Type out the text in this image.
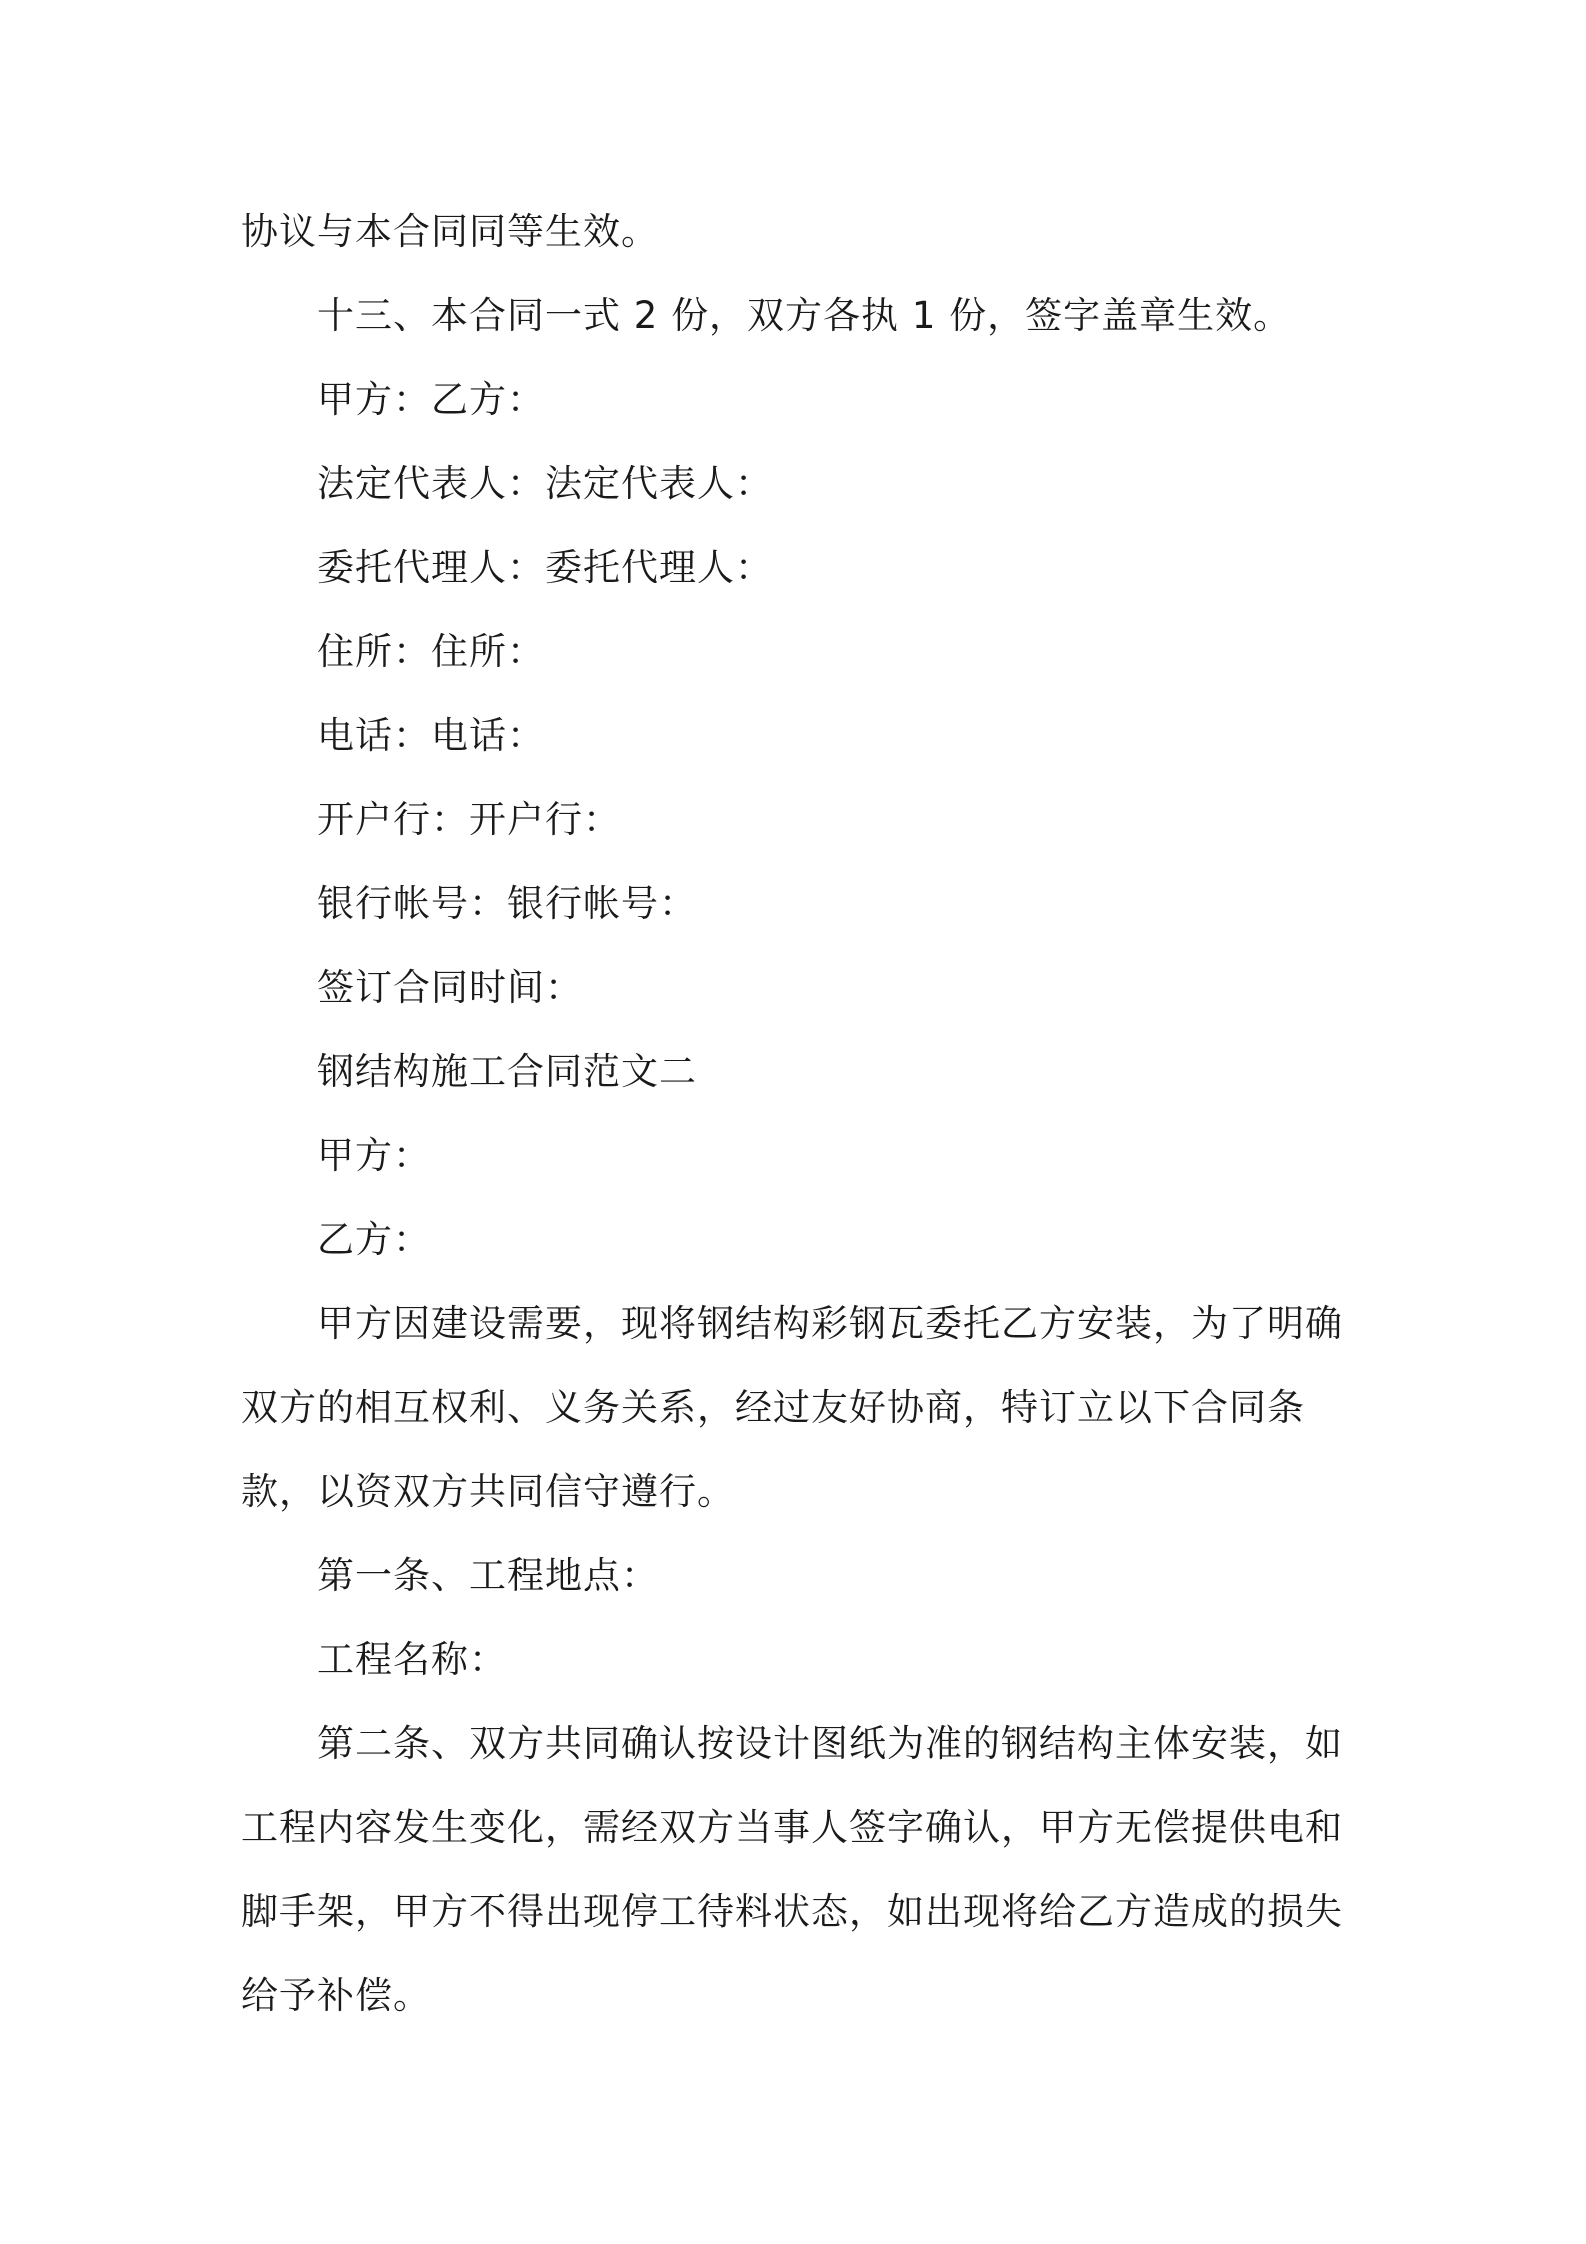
协议与本合同同等生效。

十三、本合同一式 2 份，双方各执 1 份，签字盖章生效。

甲方：乙方：

法定代表人：法定代表人：

委托代理人：委托代理人：

住所：住所：

电话：电话：

开户行：开户行：

银行帐号：银行帐号：

签订合同时间：

钢结构施工合同范文二

甲方：

乙方：

甲方因建设需要，现将钢结构彩钢瓦委托乙方安装，为了明确双方的相互权利、义务关系，经过友好协商，特订立以下合同条款，以资双方共同信守遵行。

第一条、工程地点：

工程名称：

第二条、双方共同确认按设计图纸为准的钢结构主体安装，如工程内容发生变化，需经双方当事人签字确认，甲方无偿提供电和脚手架，甲方不得出现停工待料状态，如出现将给乙方造成的损失给予补偿。
